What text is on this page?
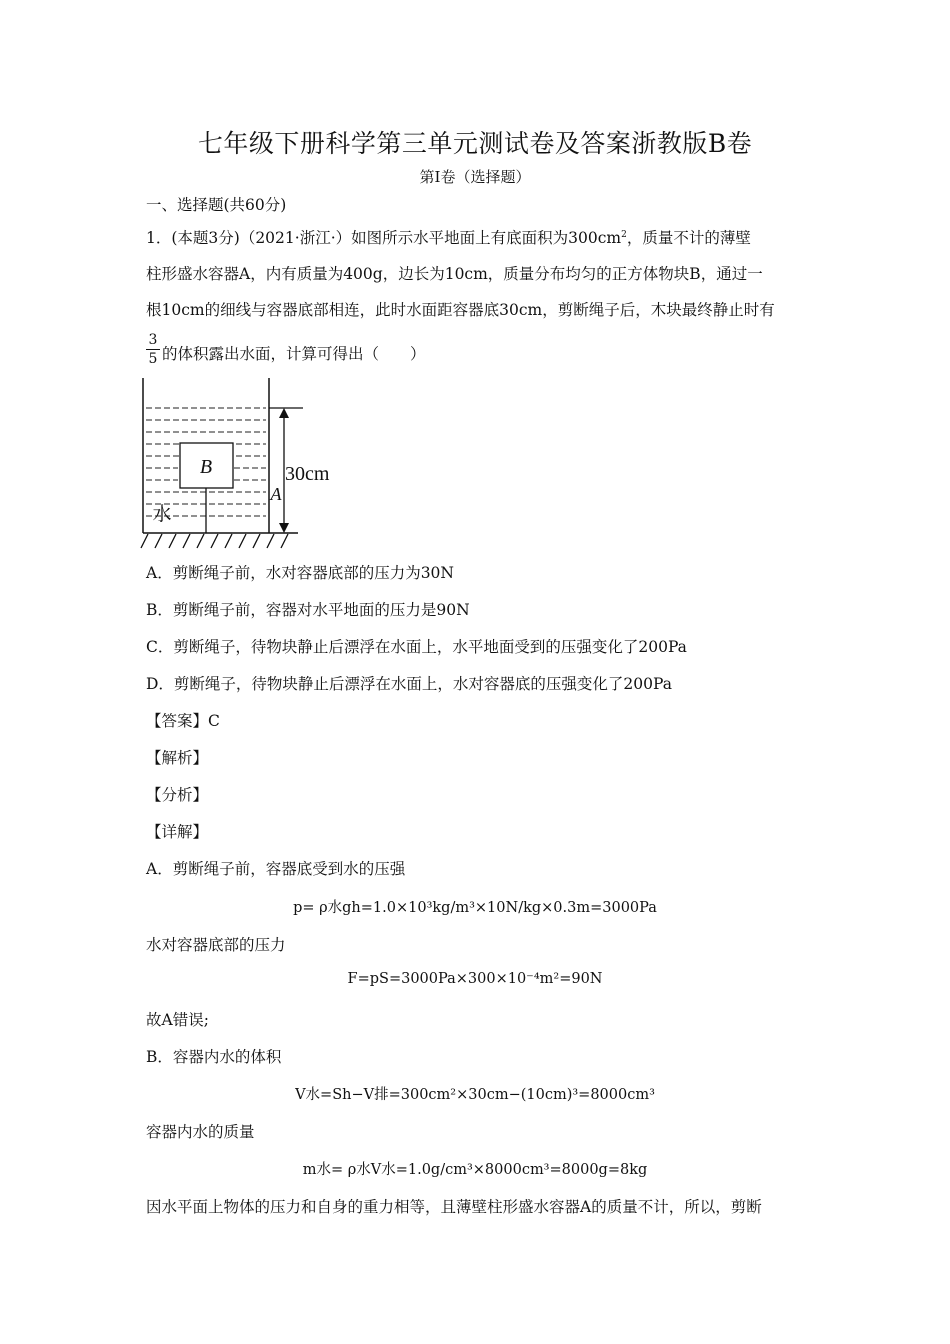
七年级下册科学第三单元测试卷及答案浙教版B卷
第Ⅰ卷（选择题）
一、选择题(共60分)
1．(本题3分)（2021·浙江·）如图所示水平地面上有底面积为$300cm^2$，质量不计的薄壁
柱形盛水容器A，内有质量为400g，边长为10cm，质量分布均匀的正方体物块B，通过一
根10cm的细线与容器底部相连，此时水面距容器底30cm，剪断绳子后，木块最终静止时有
$\frac{3}{5}$ 的体积露出水面，计算可得出（　　）
B
水
A
30cm
A．剪断绳子前，水对容器底部的压力为30N
B．剪断绳子前，容器对水平地面的压力是90N
C．剪断绳子，待物块静止后漂浮在水面上，水平地面受到的压强变化了200Pa
D．剪断绳子，待物块静止后漂浮在水面上，水对容器底的压强变化了200Pa
【答案】C
【解析】
【分析】
【详解】
A．剪断绳子前，容器底受到水的压强
p= ρ水gh=1.0×10³kg/m³×10N/kg×0.3m=3000Pa
水对容器底部的压力
F=pS=3000Pa×300×10⁻⁴m²=90N
故A错误;
B．容器内水的体积
V水=Sh−V排=300cm²×30cm−(10cm)³=8000cm³
容器内水的质量
m水= ρ水V水=1.0g/cm³×8000cm³=8000g=8kg
因水平面上物体的压力和自身的重力相等，且薄壁柱形盛水容器A的质量不计，所以，剪断
